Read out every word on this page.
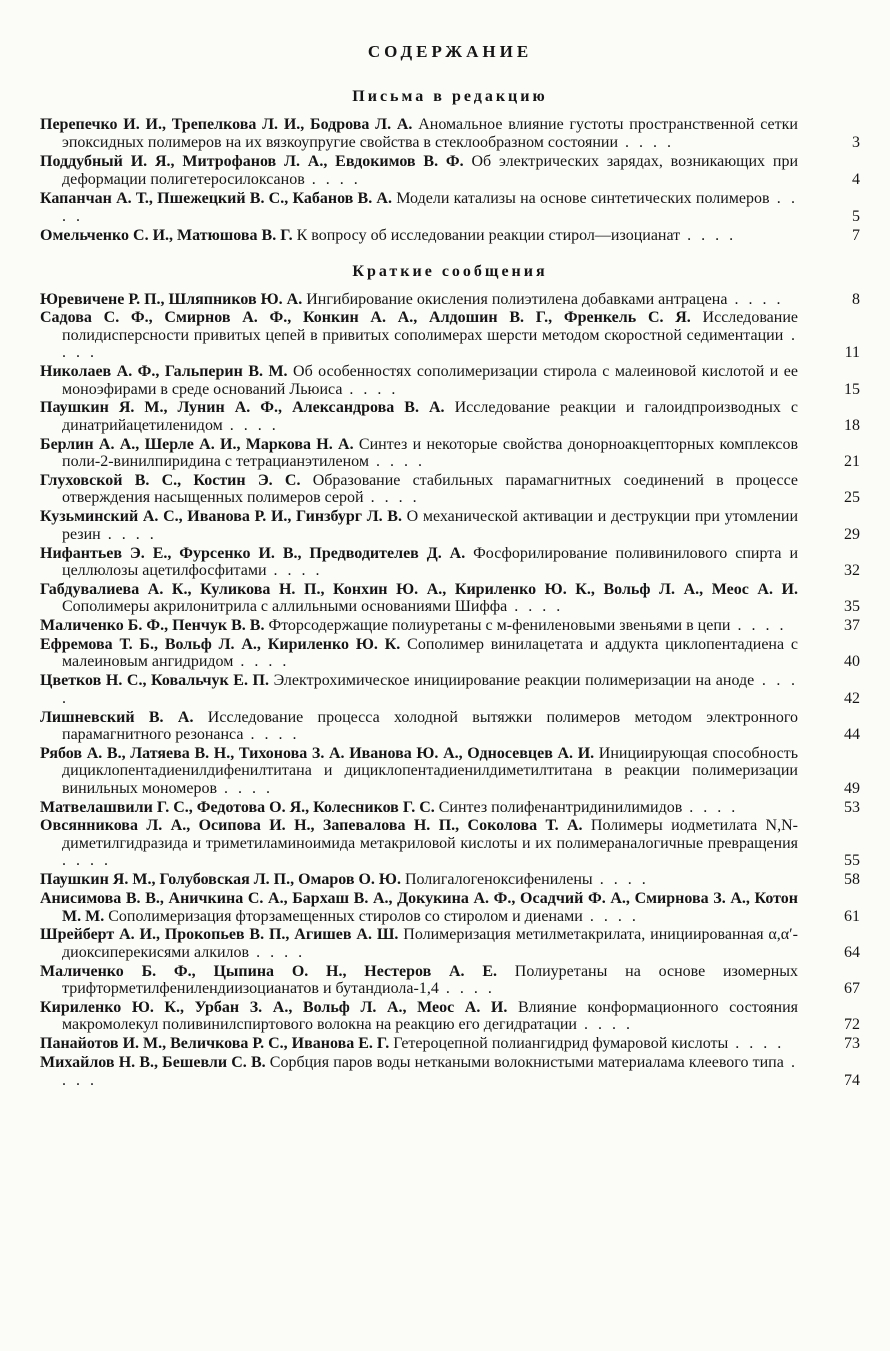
СОДЕРЖАНИЕ
Письма в редакцию
Перепечко И. И., Трепелкова Л. И., Бодрова Л. А. Аномальное влияние густоты пространственной сетки эпоксидных полимеров на их вязкоупругие свойства в стеклообразном состоянии . . . .	3
Поддубный И. Я., Митрофанов Л. А., Евдокимов В. Ф. Об электрических зарядах, возникающих при деформации полигетеросилоксанов . . . .	4
Капанчан А. Т., Пшежецкий В. С., Кабанов В. А. Модели катализы на основе синтетических полимеров . . . .	5
Омельченко С. И., Матюшова В. Г. К вопросу об исследовании реакции стирол—изоцианат . . . .	7
Краткие сообщения
Юревичене Р. П., Шляпников Ю. А. Ингибирование окисления полиэтилена добавками антрацена . . . .	8
Садова С. Ф., Смирнов А. Ф., Конкин А. А., Алдошин В. Г., Френкель С. Я. Исследование полидисперсности привитых цепей в привитых сополимерах шерсти методом скоростной седиментации . . . .	11
Николаев А. Ф., Гальперин В. М. Об особенностях сополимеризации стирола с малеиновой кислотой и ее моноэфирами в среде оснований Льюиса . . . .	15
Паушкин Я. М., Лунин А. Ф., Александрова В. А. Исследование реакции и галоидпроизводных с динатрийацетиленидом . . . .	18
Берлин А. А., Шерле А. И., Маркова Н. А. Синтез и некоторые свойства донорноакцепторных комплексов поли-2-винилпиридина с тетрацианэтиленом . . . .	21
Глуховской В. С., Костин Э. С. Образование стабильных парамагнитных соединений в процессе отверждения насыщенных полимеров серой . . . .	25
Кузьминский А. С., Иванова Р. И., Гинзбург Л. В. О механической активации и деструкции при утомлении резин . . . .	29
Нифантьев Э. Е., Фурсенко И. В., Предводителев Д. А. Фосфорилирование поливинилового спирта и целлюлозы ацетилфосфитами . . . .	32
Габдувалиева А. К., Куликова Н. П., Конхин Ю. А., Кириленко Ю. К., Вольф Л. А., Меос А. И. Сополимеры акрилонитрила с аллильными основаниями Шиффа . . . .	35
Маличенко Б. Ф., Пенчук В. В. Фторсодержащие полиуретаны с м-фениленовыми звеньями в цепи . . . .	37
Ефремова Т. Б., Вольф Л. А., Кириленко Ю. К. Сополимер винилацетата и аддукта циклопентадиена с малеиновым ангидридом . . . .	40
Цветков Н. С., Ковальчук Е. П. Электрохимическое инициирование реакции полимеризации на аноде . . . .	42
Лишневский В. А. Исследование процесса холодной вытяжки полимеров методом электронного парамагнитного резонанса . . . .	44
Рябов А. В., Латяева В. Н., Тихонова З. А. Иванова Ю. А., Односевцев А. И. Инициирующая способность дициклопентадиенилдифенилтитана и дициклопентадиенилдиметилтитана в реакции полимеризации винильных мономеров . . . .	49
Матвелашвили Г. С., Федотова О. Я., Колесников Г. С. Синтез полифенантридинилимидов . . . .	53
Овсянникова Л. А., Осипова И. Н., Запевалова Н. П., Соколова Т. А. Полимеры иодметилата N,N-диметилгидразида и триметиламиноимида метакриловой кислоты и их полимераналогичные превращения . . . .	55
Паушкин Я. М., Голубовская Л. П., Омаров О. Ю. Полигалогеноксифенилены . . . .	58
Анисимова В. В., Аничкина С. А., Бархаш В. А., Докукина А. Ф., Осадчий Ф. А., Смирнова З. А., Котон М. М. Сополимеризация фторзамещенных стиролов со стиролом и диенами . . . .	61
Шрейберт А. И., Прокопьев В. П., Агишев А. Ш. Полимеризация метилметакрилата, инициированная α,α′-диоксиперекисями алкилов . . . .	64
Маличенко Б. Ф., Цыпина О. Н., Нестеров А. Е. Полиуретаны на основе изомерных трифторметилфенилендиизоцианатов и бутандиола-1,4 . . . .	67
Кириленко Ю. К., Урбан З. А., Вольф Л. А., Меос А. И. Влияние конформационного состояния макромолекул поливинилспиртового волокна на реакцию его дегидратации . . . .	72
Панайотов И. М., Величкова Р. С., Иванова Е. Г. Гетероцепной полиангидрид фумаровой кислоты . . . .	73
Михайлов Н. В., Бешевли С. В. Сорбция паров воды неткаными волокнистыми материалама клеевого типа . . . .	74
